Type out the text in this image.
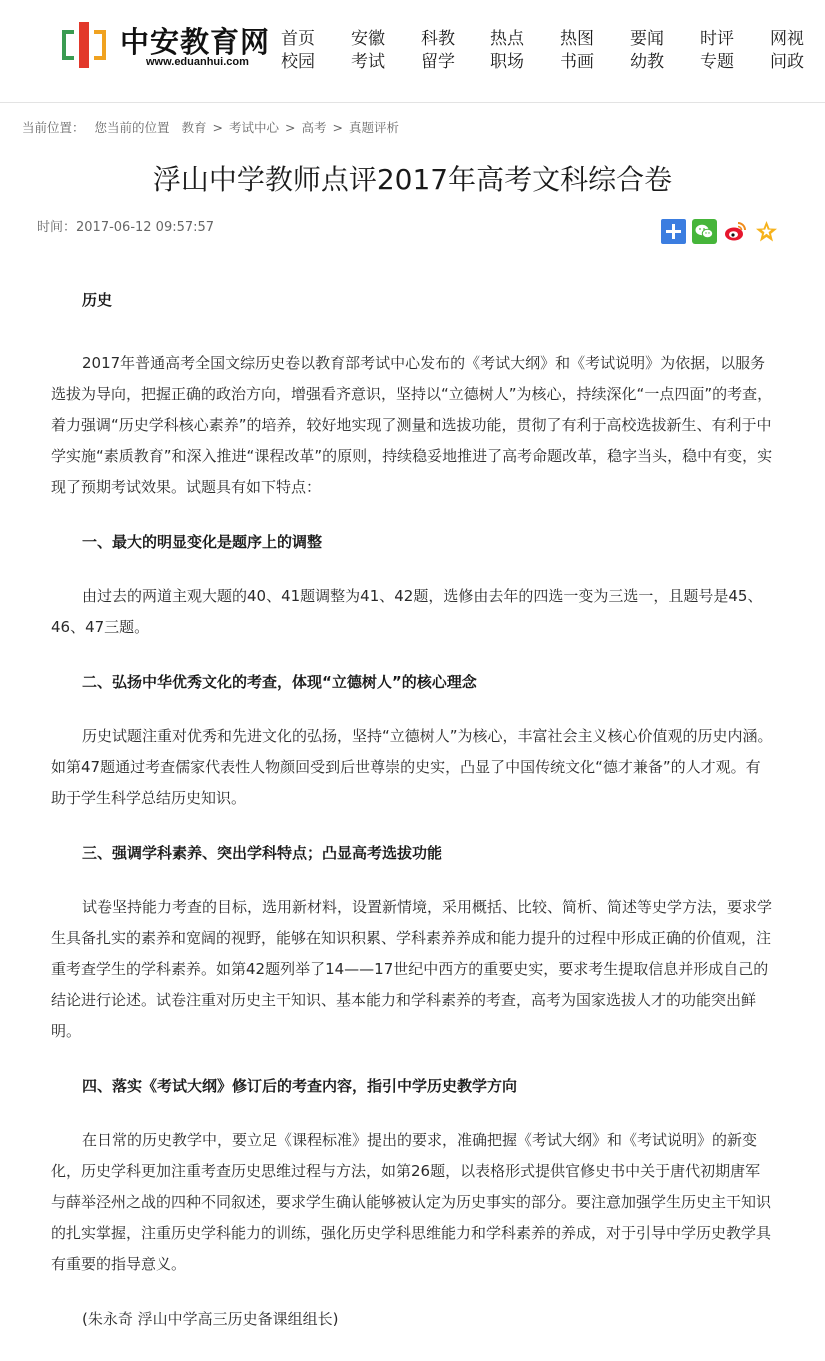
中安教育网
www.eduanhui.com
首页
校园
安徽
考试
科教
留学
热点
职场
热图
书画
要闻
幼教
时评
专题
网视
问政
当前位置： 您当前的位置 教育 > 考试中心 > 高考 > 真题评析
浮山中学教师点评2017年高考文科综合卷
时间：2017-06-12 09:57:57
历史

2017年普通高考全国文综历史卷以教育部考试中心发布的《考试大纲》和《考试说明》为依据，以服务选拔为导向，把握正确的政治方向，增强看齐意识，坚持以“立德树人”为核心，持续深化“一点四面”的考查，着力强调“历史学科核心素养”的培养，较好地实现了测量和选拔功能，贯彻了有利于高校选拔新生、有利于中学实施“素质教育”和深入推进“课程改革”的原则，持续稳妥地推进了高考命题改革，稳字当头，稳中有变，实现了预期考试效果。试题具有如下特点：

一、最大的明显变化是题序上的调整

由过去的两道主观大题的40、41题调整为41、42题，选修由去年的四选一变为三选一，且题号是45、46、47三题。

二、弘扬中华优秀文化的考查，体现“立德树人”的核心理念

历史试题注重对优秀和先进文化的弘扬，坚持“立德树人”为核心，丰富社会主义核心价值观的历史内涵。如第47题通过考查儒家代表性人物颜回受到后世尊崇的史实，凸显了中国传统文化“德才兼备”的人才观。有助于学生科学总结历史知识。

三、强调学科素养、突出学科特点；凸显高考选拔功能

试卷坚持能力考查的目标，选用新材料，设置新情境，采用概括、比较、简析、简述等史学方法，要求学生具备扎实的素养和宽阔的视野，能够在知识积累、学科素养养成和能力提升的过程中形成正确的价值观，注重考查学生的学科素养。如第42题列举了14——17世纪中西方的重要史实，要求考生提取信息并形成自己的结论进行论述。试卷注重对历史主干知识、基本能力和学科素养的考查，高考为国家选拔人才的功能突出鲜明。

四、落实《考试大纲》修订后的考查内容，指引中学历史教学方向

在日常的历史教学中，要立足《课程标准》提出的要求，准确把握《考试大纲》和《考试说明》的新变化，历史学科更加注重考查历史思维过程与方法，如第26题，以表格形式提供官修史书中关于唐代初期唐军与薛举泾州之战的四种不同叙述，要求学生确认能够被认定为历史事实的部分。要注意加强学生历史主干知识的扎实掌握，注重历史学科能力的训练，强化历史学科思维能力和学科素养的养成，对于引导中学历史教学具有重要的指导意义。

(朱永奇 浮山中学高三历史备课组组长)
